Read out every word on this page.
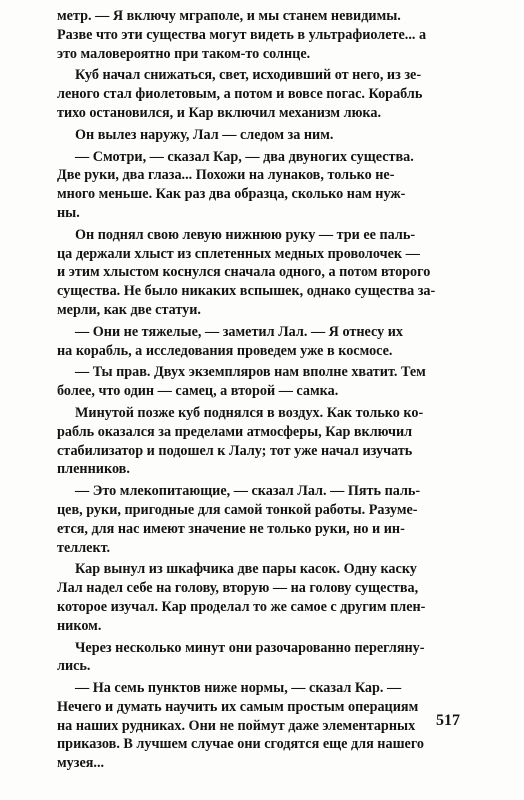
метр. — Я включу мграполе, и мы станем невидимы.
Разве что эти существа могут видеть в ультрафиолете... а
это маловероятно при таком-то солнце.

Куб начал снижаться, свет, исходивший от него, из зе-
леного стал фиолетовым, а потом и вовсе погас. Корабль
тихо остановился, и Кар включил механизм люка.

Он вылез наружу, Лал — следом за ним.

— Смотри, — сказал Кар, — два двуногих существа.
Две руки, два глаза... Похожи на лунаков, только не-
много меньше. Как раз два образца, сколько нам нуж-
ны.

Он поднял свою левую нижнюю руку — три ее паль-
ца держали хлыст из сплетенных медных проволочек —
и этим хлыстом коснулся сначала одного, а потом второго
существа. Не было никаких вспышек, однако существа за-
мерли, как две статуи.

— Они не тяжелые, — заметил Лал. — Я отнесу их
на корабль, а исследования проведем уже в космосе.

— Ты прав. Двух экземпляров нам вполне хватит. Тем
более, что один — самец, а второй — самка.

Минутой позже куб поднялся в воздух. Как только ко-
рабль оказался за пределами атмосферы, Кар включил
стабилизатор и подошел к Лалу; тот уже начал изучать
пленников.

— Это млекопитающие, — сказал Лал. — Пять паль-
цев, руки, пригодные для самой тонкой работы. Разуме-
ется, для нас имеют значение не только руки, но и ин-
теллект.

Кар вынул из шкафчика две пары касок. Одну каску
Лал надел себе на голову, вторую — на голову существа,
которое изучал. Кар проделал то же самое с другим плен-
ником.

Через несколько минут они разочарованно перегляну-
лись.

— На семь пунктов ниже нормы, — сказал Кар. —
Нечего и думать научить их самым простым операциям
на наших рудниках. Они не поймут даже элементарных
приказов. В лучшем случае они сгодятся еще для нашего
музея...

517
